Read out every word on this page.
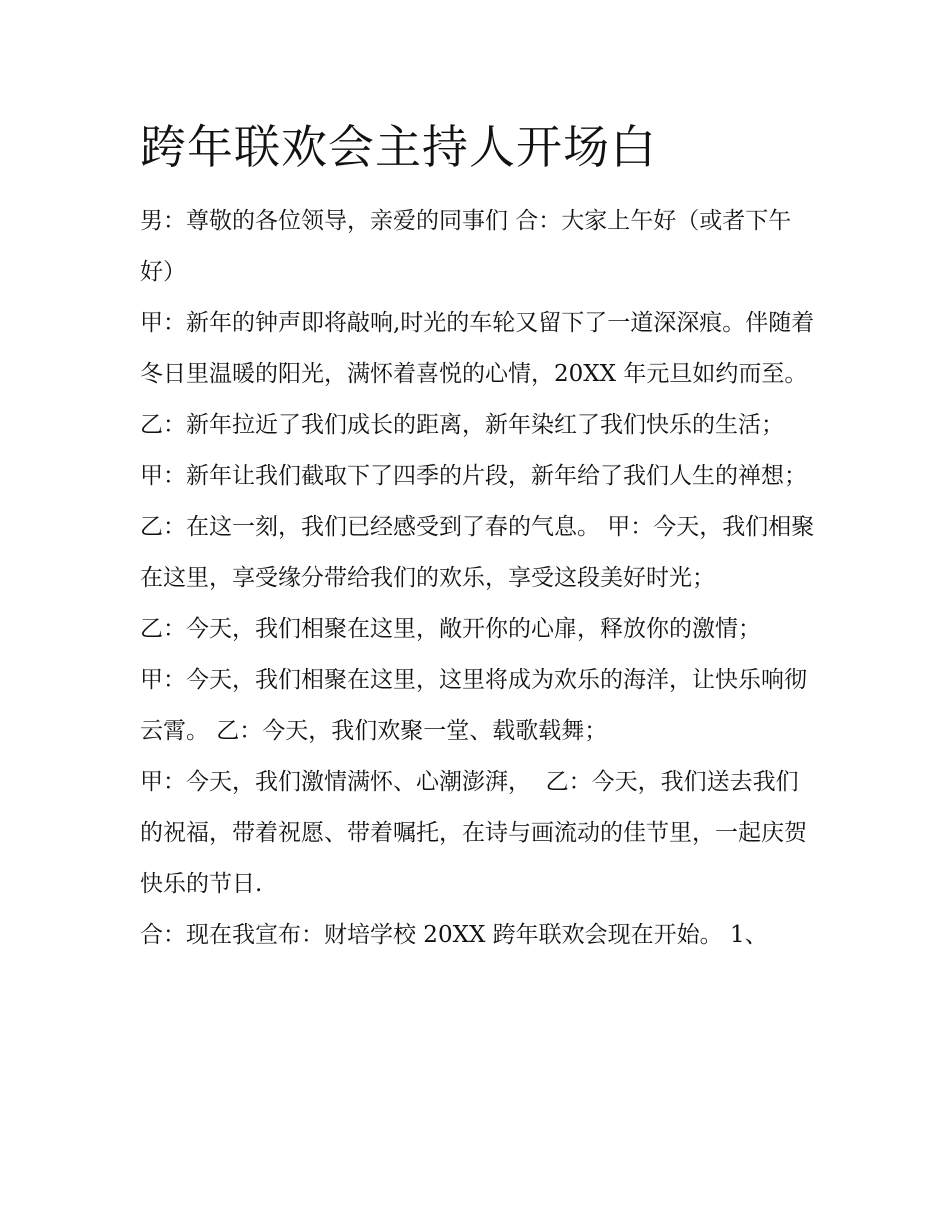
跨年联欢会主持人开场白

男：尊敬的各位领导，亲爱的同事们 合：大家上午好（或者下午好）

甲：新年的钟声即将敲响,时光的车轮又留下了一道深深痕。伴随着冬日里温暖的阳光，满怀着喜悦的心情，20XX 年元旦如约而至。

乙：新年拉近了我们成长的距离，新年染红了我们快乐的生活；  甲：新年让我们截取下了四季的片段，新年给了我们人生的禅想；

乙：在这一刻，我们已经感受到了春的气息。 甲：今天，我们相聚在这里，享受缘分带给我们的欢乐，享受这段美好时光；

乙：今天，我们相聚在这里，敞开你的心扉，释放你的激情；

甲：今天，我们相聚在这里，这里将成为欢乐的海洋，让快乐响彻云霄。 乙：今天，我们欢聚一堂、载歌载舞；

甲：今天，我们激情满怀、心潮澎湃，  乙：今天，我们送去我们的祝福，带着祝愿、带着嘱托，在诗与画流动的佳节里，一起庆贺快乐的节日.

合：现在我宣布：财培学校 20XX 跨年联欢会现在开始。 1、
